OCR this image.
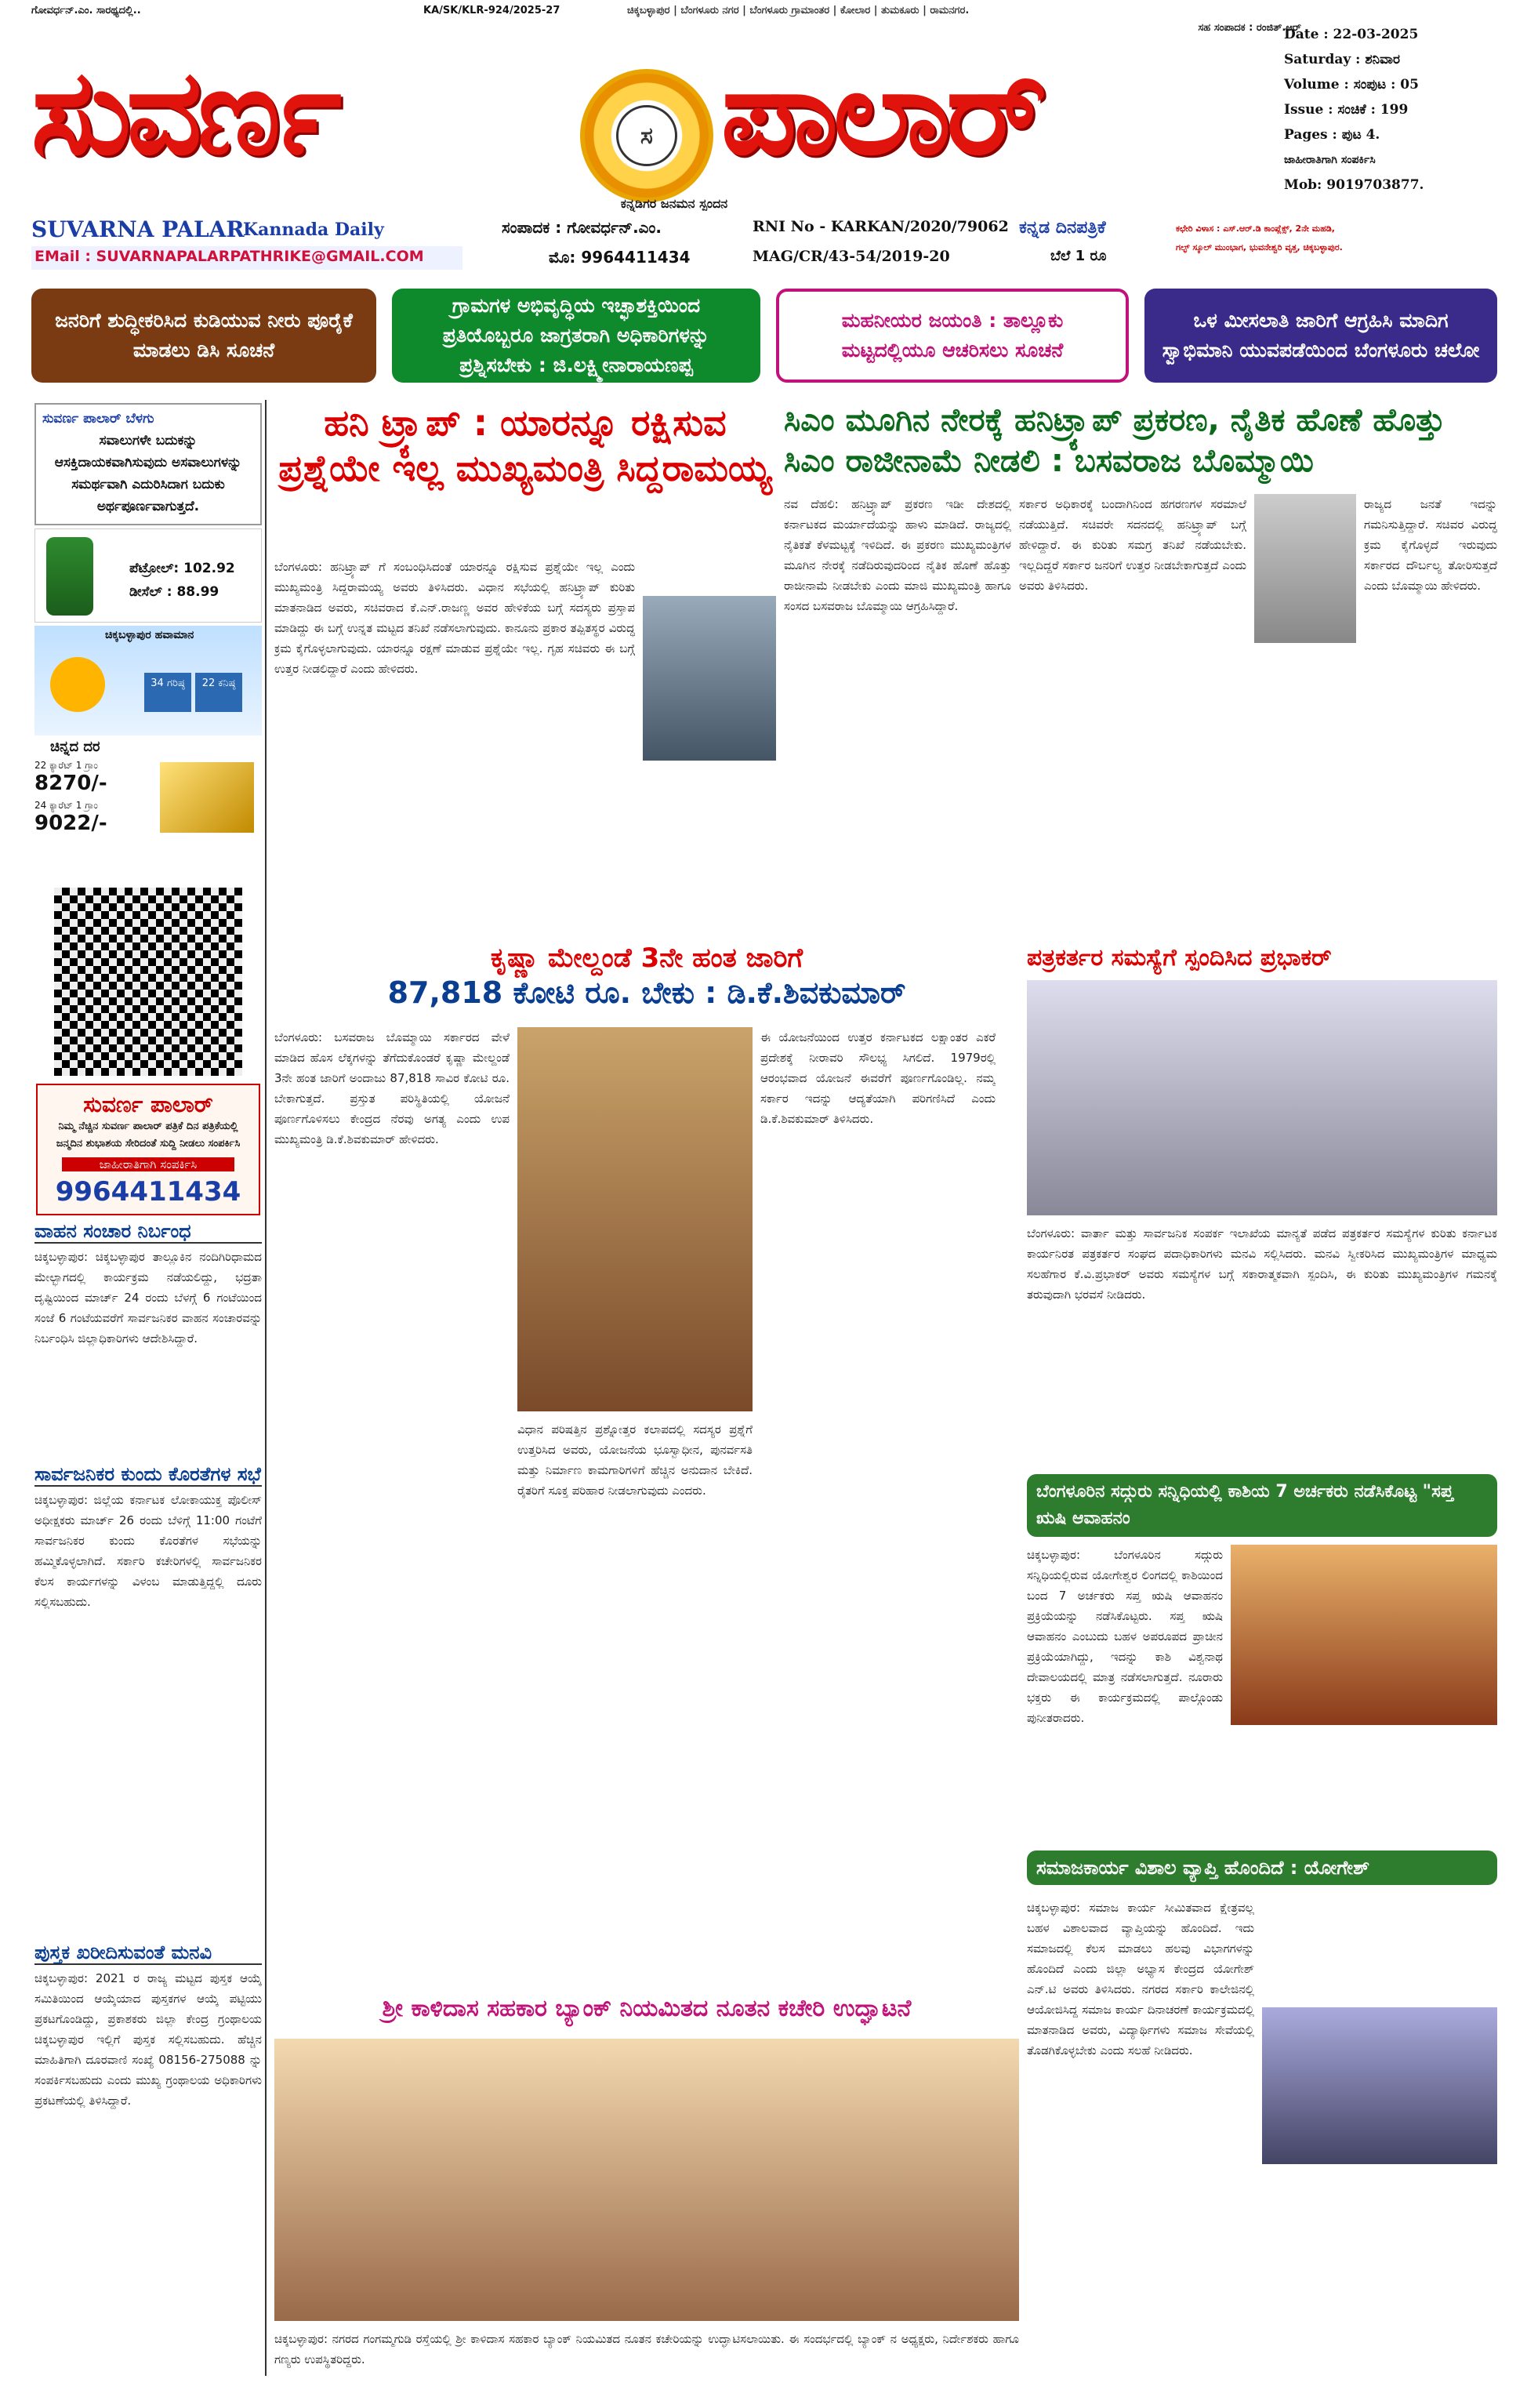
ಗೋವರ್ಧನ್.ಎಂ. ಸಾರಥ್ಯದಲ್ಲಿ..	KA/SK/KLR-924/2025-27	ಚಿಕ್ಕಬಳ್ಳಾಪುರ | ಬೆಂಗಳೂರು ನಗರ | ಬೆಂಗಳೂರು ಗ್ರಾಮಾಂತರ | ಕೋಲಾರ | ತುಮಕೂರು | ರಾಮನಗರ.
ಸಹ ಸಂಪಾದಕ : ರಂಜಿತ್.ಆರ್
ಸುವರ್ಣ	ಸ ಪಾಲಾರ್
ಕನ್ನಡಿಗರ ಜನಮನ ಸ್ಪಂದನ
Date : 22-03-2025
Saturday : ಶನಿವಾರ
Volume : ಸಂಪುಟ : 05
Issue : ಸಂಚಿಕೆ : 199
Pages : ಪುಟ 4.
ಜಾಹೀರಾತಿಗಾಗಿ ಸಂಪರ್ಕಿಸಿ
Mob: 9019703877.
SUVARNA PALAR
Kannada Daily
EMail : SUVARNAPALARPATHRIKE@GMAIL.COM
ಸಂಪಾದಕ : ಗೋವರ್ಧನ್.ಎಂ.
ಮೊ: 9964411434
RNI No - KARKAN/2020/79062
MAG/CR/43-54/2019-20
ಕನ್ನಡ ದಿನಪತ್ರಿಕೆ
ಬೆಲೆ 1 ರೂ
ಕಛೇರಿ ವಿಳಾಸ : ಎಸ್.ಆರ್.ಡಿ ಕಾಂಪ್ಲೆಕ್ಸ್, 2ನೇ ಮಹಡಿ,
ಗಲ್ಫ್ ಸ್ಕೂಲ್ ಮುಂಭಾಗ, ಭುವನೇಶ್ವರಿ ವೃತ್ತ, ಚಿಕ್ಕಬಳ್ಳಾಪುರ.
ಜನರಿಗೆ ಶುದ್ಧೀಕರಿಸಿದ ಕುಡಿಯುವ ನೀರು ಪೂರೈಕೆ ಮಾಡಲು ಡಿಸಿ ಸೂಚನೆ
ಗ್ರಾಮಗಳ ಅಭಿವೃದ್ಧಿಯ ಇಚ್ಛಾಶಕ್ತಿಯಿಂದ ಪ್ರತಿಯೊಬ್ಬರೂ ಜಾಗ್ರತರಾಗಿ ಅಧಿಕಾರಿಗಳನ್ನು ಪ್ರಶ್ನಿಸಬೇಕು : ಜಿ.ಲಕ್ಷ್ಮೀನಾರಾಯಣಪ್ಪ
ಮಹನೀಯರ ಜಯಂತಿ : ತಾಲ್ಲೂಕು ಮಟ್ಟದಲ್ಲಿಯೂ ಆಚರಿಸಲು ಸೂಚನೆ
ಒಳ ಮೀಸಲಾತಿ ಜಾರಿಗೆ ಆಗ್ರಹಿಸಿ ಮಾದಿಗ ಸ್ವಾಭಿಮಾನಿ ಯುವಪಡೆಯಿಂದ ಬೆಂಗಳೂರು ಚಲೋ
ಸುವರ್ಣ ಪಾಲಾರ್ ಬೆಳಗು
ಸವಾಲುಗಳೇ ಬದುಕನ್ನು ಆಸಕ್ತಿದಾಯಕವಾಗಿಸುವುದು ಅಸವಾಲುಗಳನ್ನು ಸಮರ್ಥವಾಗಿ ಎದುರಿಸಿದಾಗ ಬದುಕು ಅರ್ಥಪೂರ್ಣವಾಗುತ್ತದೆ.
ಪೆಟ್ರೋಲ್: 102.92
ಡೀಸೆಲ್ : 88.99
ಚಿಕ್ಕಬಳ್ಳಾಪುರ ಹವಾಮಾನ
34 ಗರಿಷ್ಠ	22 ಕನಿಷ್ಠ
ಚಿನ್ನದ ದರ
22 ಕ್ಯಾರೆಟ್ 1 ಗ್ರಾಂ
8270/-
24 ಕ್ಯಾರೆಟ್ 1 ಗ್ರಾಂ
9022/-
ಸುವರ್ಣ ಪಾಲಾರ್
ನಿಮ್ಮ ನೆಚ್ಚಿನ ಸುವರ್ಣ ಪಾಲಾರ್ ಪತ್ರಿಕೆ ದಿನ ಪತ್ರಿಕೆಯಲ್ಲಿ ಜನ್ಮದಿನ ಶುಭಾಶಯ ಸೇರಿದಂತೆ ಸುದ್ದಿ ನೀಡಲು ಸಂಪರ್ಕಿಸಿ
ಜಾಹೀರಾತಿಗಾಗಿ ಸಂಪರ್ಕಿಸಿ
9964411434
ವಾಹನ ಸಂಚಾರ ನಿರ್ಬಂಧ
ಚಿಕ್ಕಬಳ್ಳಾಪುರ: ಚಿಕ್ಕಬಳ್ಳಾಪುರ ತಾಲ್ಲೂಕಿನ ನಂದಿಗಿರಿಧಾಮದ ಮೇಲ್ಭಾಗದಲ್ಲಿ ಕಾರ್ಯಕ್ರಮ ನಡೆಯಲಿದ್ದು, ಭದ್ರತಾ ದೃಷ್ಟಿಯಿಂದ ಮಾರ್ಚ್ 24 ರಂದು ಬೆಳಗ್ಗೆ 6 ಗಂಟೆಯಿಂದ ಸಂಜೆ 6 ಗಂಟೆಯವರೆಗೆ ಸಾರ್ವಜನಿಕರ ವಾಹನ ಸಂಚಾರವನ್ನು ನಿರ್ಬಂಧಿಸಿ ಜಿಲ್ಲಾಧಿಕಾರಿಗಳು ಆದೇಶಿಸಿದ್ದಾರೆ.
ಸಾರ್ವಜನಿಕರ ಕುಂದು ಕೊರತೆಗಳ ಸಭೆ
ಚಿಕ್ಕಬಳ್ಳಾಪುರ: ಜಿಲ್ಲೆಯ ಕರ್ನಾಟಕ ಲೋಕಾಯುಕ್ತ ಪೊಲೀಸ್ ಅಧೀಕ್ಷಕರು ಮಾರ್ಚ್ 26 ರಂದು ಬೆಳಿಗ್ಗೆ 11:00 ಗಂಟೆಗೆ ಸಾರ್ವಜನಿಕರ ಕುಂದು ಕೊರತೆಗಳ ಸಭೆಯನ್ನು ಹಮ್ಮಿಕೊಳ್ಳಲಾಗಿದೆ. ಸರ್ಕಾರಿ ಕಚೇರಿಗಳಲ್ಲಿ ಸಾರ್ವಜನಿಕರ ಕೆಲಸ ಕಾರ್ಯಗಳನ್ನು ವಿಳಂಬ ಮಾಡುತ್ತಿದ್ದಲ್ಲಿ ದೂರು ಸಲ್ಲಿಸಬಹುದು.
ಪುಸ್ತಕ ಖರೀದಿಸುವಂತೆ ಮನವಿ
ಚಿಕ್ಕಬಳ್ಳಾಪುರ: 2021 ರ ರಾಜ್ಯ ಮಟ್ಟದ ಪುಸ್ತಕ ಆಯ್ಕೆ ಸಮಿತಿಯಿಂದ ಆಯ್ಕೆಯಾದ ಪುಸ್ತಕಗಳ ಆಯ್ಕೆ ಪಟ್ಟಿಯು ಪ್ರಕಟಗೊಂಡಿದ್ದು, ಪ್ರಕಾಶಕರು ಜಿಲ್ಲಾ ಕೇಂದ್ರ ಗ್ರಂಥಾಲಯ ಚಿಕ್ಕಬಳ್ಳಾಪುರ ಇಲ್ಲಿಗೆ ಪುಸ್ತಕ ಸಲ್ಲಿಸಬಹುದು. ಹೆಚ್ಚಿನ ಮಾಹಿತಿಗಾಗಿ ದೂರವಾಣಿ ಸಂಖ್ಯೆ 08156-275088 ನ್ನು ಸಂಪರ್ಕಿಸಬಹುದು ಎಂದು ಮುಖ್ಯ ಗ್ರಂಥಾಲಯ ಅಧಿಕಾರಿಗಳು ಪ್ರಕಟಣೆಯಲ್ಲಿ ತಿಳಿಸಿದ್ದಾರೆ.
ಹನಿ ಟ್ರ್ಯಾಪ್ : ಯಾರನ್ನೂ ರಕ್ಷಿಸುವ ಪ್ರಶ್ನೆಯೇ ಇಲ್ಲ ಮುಖ್ಯಮಂತ್ರಿ ಸಿದ್ದರಾಮಯ್ಯ
ಬೆಂಗಳೂರು: ಹನಿಟ್ರ್ಯಾಪ್ ಗೆ ಸಂಬಂಧಿಸಿದಂತೆ ಯಾರನ್ನೂ ರಕ್ಷಿಸುವ ಪ್ರಶ್ನೆಯೇ ಇಲ್ಲ ಎಂದು ಮುಖ್ಯಮಂತ್ರಿ ಸಿದ್ದರಾಮಯ್ಯ ಅವರು ತಿಳಿಸಿದರು. ವಿಧಾನ ಸಭೆಯಲ್ಲಿ ಹನಿಟ್ರ್ಯಾಪ್ ಕುರಿತು ಮಾತನಾಡಿದ ಅವರು, ಸಚಿವರಾದ ಕೆ.ಎನ್.ರಾಜಣ್ಣ ಅವರ ಹೇಳಿಕೆಯ ಬಗ್ಗೆ ಸದಸ್ಯರು ಪ್ರಸ್ತಾಪ ಮಾಡಿದ್ದು ಈ ಬಗ್ಗೆ ಉನ್ನತ ಮಟ್ಟದ ತನಿಖೆ ನಡೆಸಲಾಗುವುದು. ಕಾನೂನು ಪ್ರಕಾರ ತಪ್ಪಿತಸ್ಥರ ವಿರುದ್ಧ ಕ್ರಮ ಕೈಗೊಳ್ಳಲಾಗುವುದು. ಯಾರನ್ನೂ ರಕ್ಷಣೆ ಮಾಡುವ ಪ್ರಶ್ನೆಯೇ ಇಲ್ಲ. ಗೃಹ ಸಚಿವರು ಈ ಬಗ್ಗೆ ಉತ್ತರ ನೀಡಲಿದ್ದಾರೆ ಎಂದು ಹೇಳಿದರು.
ಸಿಎಂ ಮೂಗಿನ ನೇರಕ್ಕೆ ಹನಿಟ್ರ್ಯಾಪ್ ಪ್ರಕರಣ, ನೈತಿಕ ಹೊಣೆ ಹೊತ್ತು ಸಿಎಂ ರಾಜೀನಾಮೆ ನೀಡಲಿ : ಬಸವರಾಜ ಬೊಮ್ಮಾಯಿ
ನವ ದೆಹಲಿ: ಹನಿಟ್ರ್ಯಾಪ್ ಪ್ರಕರಣ ಇಡೀ ದೇಶದಲ್ಲಿ ಕರ್ನಾಟಕದ ಮರ್ಯಾದೆಯನ್ನು ಹಾಳು ಮಾಡಿದೆ. ರಾಜ್ಯದಲ್ಲಿ ನೈತಿಕತೆ ಕೆಳಮಟ್ಟಕ್ಕೆ ಇಳಿದಿದೆ. ಈ ಪ್ರಕರಣ ಮುಖ್ಯಮಂತ್ರಿಗಳ ಮೂಗಿನ ನೇರಕ್ಕೆ ನಡೆದಿರುವುದರಿಂದ ನೈತಿಕ ಹೊಣೆ ಹೊತ್ತು ರಾಜೀನಾಮೆ ನೀಡಬೇಕು ಎಂದು ಮಾಜಿ ಮುಖ್ಯಮಂತ್ರಿ ಹಾಗೂ ಸಂಸದ ಬಸವರಾಜ ಬೊಮ್ಮಾಯಿ ಆಗ್ರಹಿಸಿದ್ದಾರೆ.
ಸರ್ಕಾರ ಅಧಿಕಾರಕ್ಕೆ ಬಂದಾಗಿನಿಂದ ಹಗರಣಗಳ ಸರಮಾಲೆ ನಡೆಯುತ್ತಿದೆ. ಸಚಿವರೇ ಸದನದಲ್ಲಿ ಹನಿಟ್ರ್ಯಾಪ್ ಬಗ್ಗೆ ಹೇಳಿದ್ದಾರೆ. ಈ ಕುರಿತು ಸಮಗ್ರ ತನಿಖೆ ನಡೆಯಬೇಕು. ಇಲ್ಲದಿದ್ದರೆ ಸರ್ಕಾರ ಜನರಿಗೆ ಉತ್ತರ ನೀಡಬೇಕಾಗುತ್ತದೆ ಎಂದು ಅವರು ತಿಳಿಸಿದರು.
ರಾಜ್ಯದ ಜನತೆ ಇದನ್ನು ಗಮನಿಸುತ್ತಿದ್ದಾರೆ. ಸಚಿವರ ವಿರುದ್ಧ ಕ್ರಮ ಕೈಗೊಳ್ಳದೆ ಇರುವುದು ಸರ್ಕಾರದ ದೌರ್ಬಲ್ಯ ತೋರಿಸುತ್ತದೆ ಎಂದು ಬೊಮ್ಮಾಯಿ ಹೇಳಿದರು.
ಕೃಷ್ಣಾ ಮೇಲ್ದಂಡೆ 3ನೇ ಹಂತ ಜಾರಿಗೆ
87,818 ಕೋಟಿ ರೂ. ಬೇಕು : ಡಿ.ಕೆ.ಶಿವಕುಮಾರ್
ಬೆಂಗಳೂರು: ಬಸವರಾಜ ಬೊಮ್ಮಾಯಿ ಸರ್ಕಾರದ ವೇಳೆ ಮಾಡಿದ ಹೊಸ ಲೆಕ್ಕಗಳನ್ನು ತೆಗೆದುಕೊಂಡರೆ ಕೃಷ್ಣಾ ಮೇಲ್ದಂಡೆ 3ನೇ ಹಂತ ಜಾರಿಗೆ ಅಂದಾಜು 87,818 ಸಾವಿರ ಕೋಟಿ ರೂ. ಬೇಕಾಗುತ್ತದೆ. ಪ್ರಸ್ತುತ ಪರಿಸ್ಥಿತಿಯಲ್ಲಿ ಯೋಜನೆ ಪೂರ್ಣಗೊಳಿಸಲು ಕೇಂದ್ರದ ನೆರವು ಅಗತ್ಯ ಎಂದು ಉಪ ಮುಖ್ಯಮಂತ್ರಿ ಡಿ.ಕೆ.ಶಿವಕುಮಾರ್ ಹೇಳಿದರು.
ವಿಧಾನ ಪರಿಷತ್ತಿನ ಪ್ರಶ್ನೋತ್ತರ ಕಲಾಪದಲ್ಲಿ ಸದಸ್ಯರ ಪ್ರಶ್ನೆಗೆ ಉತ್ತರಿಸಿದ ಅವರು, ಯೋಜನೆಯ ಭೂಸ್ವಾಧೀನ, ಪುನರ್ವಸತಿ ಮತ್ತು ನಿರ್ಮಾಣ ಕಾಮಗಾರಿಗಳಿಗೆ ಹೆಚ್ಚಿನ ಅನುದಾನ ಬೇಕಿದೆ. ರೈತರಿಗೆ ಸೂಕ್ತ ಪರಿಹಾರ ನೀಡಲಾಗುವುದು ಎಂದರು.
ಈ ಯೋಜನೆಯಿಂದ ಉತ್ತರ ಕರ್ನಾಟಕದ ಲಕ್ಷಾಂತರ ಎಕರೆ ಪ್ರದೇಶಕ್ಕೆ ನೀರಾವರಿ ಸೌಲಭ್ಯ ಸಿಗಲಿದೆ. 1979ರಲ್ಲಿ ಆರಂಭವಾದ ಯೋಜನೆ ಈವರೆಗೆ ಪೂರ್ಣಗೊಂಡಿಲ್ಲ. ನಮ್ಮ ಸರ್ಕಾರ ಇದನ್ನು ಆದ್ಯತೆಯಾಗಿ ಪರಿಗಣಿಸಿದೆ ಎಂದು ಡಿ.ಕೆ.ಶಿವಕುಮಾರ್ ತಿಳಿಸಿದರು.
ಪತ್ರಕರ್ತರ ಸಮಸ್ಯೆಗೆ ಸ್ಪಂದಿಸಿದ ಪ್ರಭಾಕರ್
ಬೆಂಗಳೂರು: ವಾರ್ತಾ ಮತ್ತು ಸಾರ್ವಜನಿಕ ಸಂಪರ್ಕ ಇಲಾಖೆಯ ಮಾನ್ಯತೆ ಪಡೆದ ಪತ್ರಕರ್ತರ ಸಮಸ್ಯೆಗಳ ಕುರಿತು ಕರ್ನಾಟಕ ಕಾರ್ಯನಿರತ ಪತ್ರಕರ್ತರ ಸಂಘದ ಪದಾಧಿಕಾರಿಗಳು ಮನವಿ ಸಲ್ಲಿಸಿದರು. ಮನವಿ ಸ್ವೀಕರಿಸಿದ ಮುಖ್ಯಮಂತ್ರಿಗಳ ಮಾಧ್ಯಮ ಸಲಹೆಗಾರ ಕೆ.ವಿ.ಪ್ರಭಾಕರ್ ಅವರು ಸಮಸ್ಯೆಗಳ ಬಗ್ಗೆ ಸಕಾರಾತ್ಮಕವಾಗಿ ಸ್ಪಂದಿಸಿ, ಈ ಕುರಿತು ಮುಖ್ಯಮಂತ್ರಿಗಳ ಗಮನಕ್ಕೆ ತರುವುದಾಗಿ ಭರವಸೆ ನೀಡಿದರು.
ಬೆಂಗಳೂರಿನ ಸದ್ಗುರು ಸನ್ನಿಧಿಯಲ್ಲಿ ಕಾಶಿಯ 7 ಅರ್ಚಕರು ನಡೆಸಿಕೊಟ್ಟ "ಸಪ್ತ ಋಷಿ ಆವಾಹನಂ
ಚಿಕ್ಕಬಳ್ಳಾಪುರ: ಬೆಂಗಳೂರಿನ ಸದ್ಗುರು ಸನ್ನಿಧಿಯಲ್ಲಿರುವ ಯೋಗೇಶ್ವರ ಲಿಂಗದಲ್ಲಿ ಕಾಶಿಯಿಂದ ಬಂದ 7 ಅರ್ಚಕರು ಸಪ್ತ ಋಷಿ ಆವಾಹನಂ ಪ್ರಕ್ರಿಯೆಯನ್ನು ನಡೆಸಿಕೊಟ್ಟರು. ಸಪ್ತ ಋಷಿ ಆವಾಹನಂ ಎಂಬುದು ಬಹಳ ಅಪರೂಪದ ಪ್ರಾಚೀನ ಪ್ರಕ್ರಿಯೆಯಾಗಿದ್ದು, ಇದನ್ನು ಕಾಶಿ ವಿಶ್ವನಾಥ ದೇವಾಲಯದಲ್ಲಿ ಮಾತ್ರ ನಡೆಸಲಾಗುತ್ತದೆ. ನೂರಾರು ಭಕ್ತರು ಈ ಕಾರ್ಯಕ್ರಮದಲ್ಲಿ ಪಾಲ್ಗೊಂಡು ಪುನೀತರಾದರು.
ಸಮಾಜಕಾರ್ಯ ವಿಶಾಲ ವ್ಯಾಪ್ತಿ ಹೊಂದಿದೆ : ಯೋಗೇಶ್
ಚಿಕ್ಕಬಳ್ಳಾಪುರ: ಸಮಾಜ ಕಾರ್ಯ ಸೀಮಿತವಾದ ಕ್ಷೇತ್ರವಲ್ಲ ಬಹಳ ವಿಶಾಲವಾದ ವ್ಯಾಪ್ತಿಯನ್ನು ಹೊಂದಿದೆ. ಇದು ಸಮಾಜದಲ್ಲಿ ಕೆಲಸ ಮಾಡಲು ಹಲವು ವಿಭಾಗಗಳನ್ನು ಹೊಂದಿದೆ ಎಂದು ಜಿಲ್ಲಾ ಅಭ್ಯಾಸ ಕೇಂದ್ರದ ಯೋಗೇಶ್ ಎನ್.ಟಿ ಅವರು ತಿಳಿಸಿದರು. ನಗರದ ಸರ್ಕಾರಿ ಕಾಲೇಜಿನಲ್ಲಿ ಆಯೋಜಿಸಿದ್ದ ಸಮಾಜ ಕಾರ್ಯ ದಿನಾಚರಣೆ ಕಾರ್ಯಕ್ರಮದಲ್ಲಿ ಮಾತನಾಡಿದ ಅವರು, ವಿದ್ಯಾರ್ಥಿಗಳು ಸಮಾಜ ಸೇವೆಯಲ್ಲಿ ತೊಡಗಿಕೊಳ್ಳಬೇಕು ಎಂದು ಸಲಹೆ ನೀಡಿದರು.
ಶ್ರೀ ಕಾಳಿದಾಸ ಸಹಕಾರ ಬ್ಯಾಂಕ್ ನಿಯಮಿತದ ನೂತನ ಕಚೇರಿ ಉದ್ಘಾಟನೆ
ಚಿಕ್ಕಬಳ್ಳಾಪುರ: ನಗರದ ಗಂಗಮ್ಮಗುಡಿ ರಸ್ತೆಯಲ್ಲಿ ಶ್ರೀ ಕಾಳಿದಾಸ ಸಹಕಾರ ಬ್ಯಾಂಕ್ ನಿಯಮಿತದ ನೂತನ ಕಚೇರಿಯನ್ನು ಉದ್ಘಾಟಿಸಲಾಯಿತು. ಈ ಸಂದರ್ಭದಲ್ಲಿ ಬ್ಯಾಂಕ್ ನ ಅಧ್ಯಕ್ಷರು, ನಿರ್ದೇಶಕರು ಹಾಗೂ ಗಣ್ಯರು ಉಪಸ್ಥಿತರಿದ್ದರು.
